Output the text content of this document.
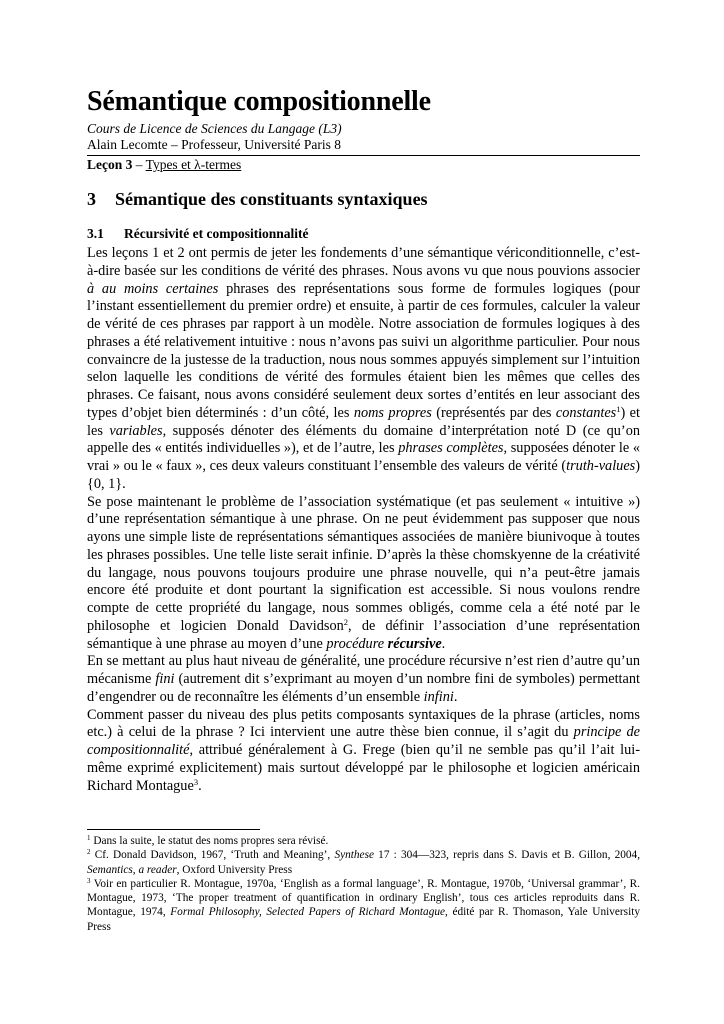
Sémantique compositionnelle
Cours de Licence de Sciences du Langage (L3)
Alain Lecomte – Professeur, Université Paris 8
Leçon 3 – Types et λ-termes
3 Sémantique des constituants syntaxiques
3.1 Récursivité et compositionnalité

Les leçons 1 et 2 ont permis de jeter les fondements d’une sémantique vériconditionnelle, c’est-à-dire basée sur les conditions de vérité des phrases. Nous avons vu que nous pouvions associer à au moins certaines phrases des représentations sous forme de formules logiques (pour l’instant essentiellement du premier ordre) et ensuite, à partir de ces formules, calculer la valeur de vérité de ces phrases par rapport à un modèle. Notre association de formules logiques à des phrases a été relativement intuitive : nous n’avons pas suivi un algorithme particulier. Pour nous convaincre de la justesse de la traduction, nous nous sommes appuyés simplement sur l’intuition selon laquelle les conditions de vérité des formules étaient bien les mêmes que celles des phrases. Ce faisant, nous avons considéré seulement deux sortes d’entités en leur associant des types d’objet bien déterminés : d’un côté, les noms propres (représentés par des constantes$^1$) et les variables, supposés dénoter des éléments du domaine d’interprétation noté D (ce qu’on appelle des « entités individuelles »), et de l’autre, les phrases complètes, supposées dénoter le « vrai » ou le « faux », ces deux valeurs constituant l’ensemble des valeurs de vérité (truth-values) {0, 1}.

Se pose maintenant le problème de l’association systématique (et pas seulement « intuitive ») d’une représentation sémantique à une phrase. On ne peut évidemment pas supposer que nous ayons une simple liste de représentations sémantiques associées de manière biunivoque à toutes les phrases possibles. Une telle liste serait infinie. D’après la thèse chomskyenne de la créativité du langage, nous pouvons toujours produire une phrase nouvelle, qui n’a peut-être jamais encore été produite et dont pourtant la signification est accessible. Si nous voulons rendre compte de cette propriété du langage, nous sommes obligés, comme cela a été noté par le philosophe et logicien Donald Davidson$^2$, de définir l’association d’une représentation sémantique à une phrase au moyen d’une procédure récursive.

En se mettant au plus haut niveau de généralité, une procédure récursive n’est rien d’autre qu’un mécanisme fini (autrement dit s’exprimant au moyen d’un nombre fini de symboles) permettant d’engendrer ou de reconnaître les éléments d’un ensemble infini.

Comment passer du niveau des plus petits composants syntaxiques de la phrase (articles, noms etc.) à celui de la phrase ? Ici intervient une autre thèse bien connue, il s’agit du principe de compositionnalité, attribué généralement à G. Frege (bien qu’il ne semble pas qu’il l’ait lui-même exprimé explicitement) mais surtout développé par le philosophe et logicien américain Richard Montague$^3$.

$^1$ Dans la suite, le statut des noms propres sera révisé.

$^2$ Cf. Donald Davidson, 1967, ‘Truth and Meaning’, Synthese 17 : 304—323, repris dans S. Davis et B. Gillon, 2004, Semantics, a reader, Oxford University Press

$^3$ Voir en particulier R. Montague, 1970a, ‘English as a formal language’, R. Montague, 1970b, ‘Universal grammar’, R. Montague, 1973, ‘The proper treatment of quantification in ordinary English’, tous ces articles reproduits dans R. Montague, 1974, Formal Philosophy, Selected Papers of Richard Montague, édité par R. Thomason, Yale University Press
